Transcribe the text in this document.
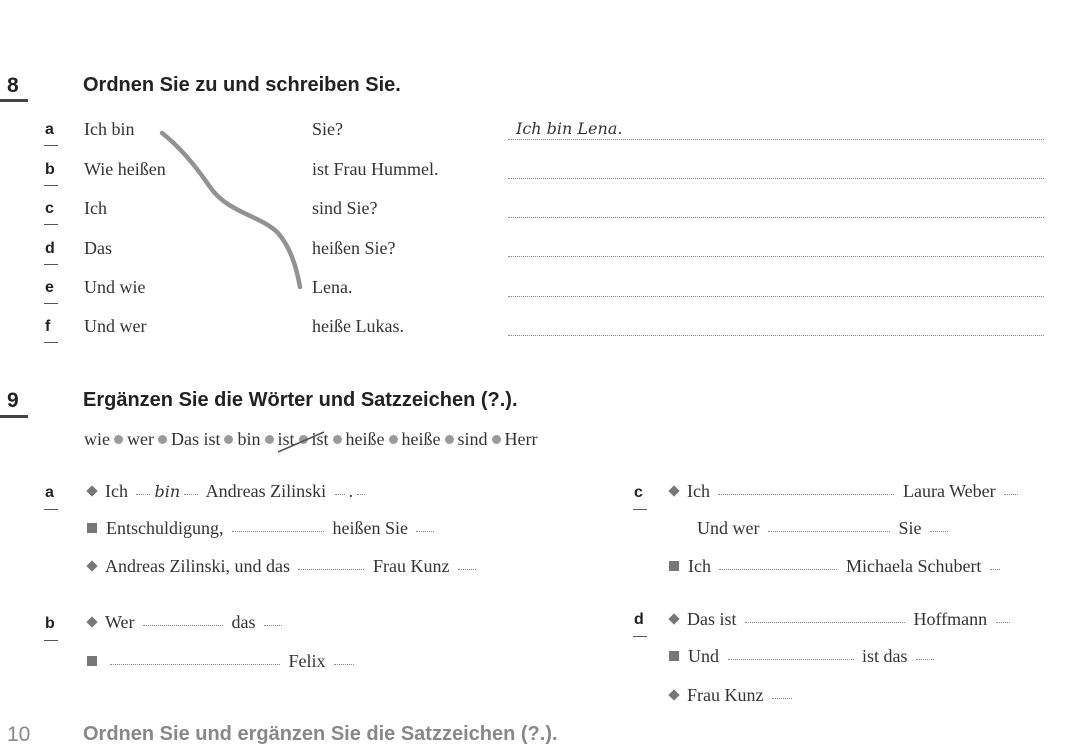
8	Ordnen Sie zu und schreiben Sie.
a Ich bin	Sie?	Ich bin Lena.
b Wie heißen	ist Frau Hummel.
c Ich	sind Sie?
d Das	heißen Sie?
e Und wie	Lena.
f Und wer	heiße Lukas.
9	Ergänzen Sie die Wörter und Satzzeichen (?.).
wie wer Das ist bin ist ist heiße heiße sind Herr
a	Ich bin Andreas Zilinski .
Entschuldigung,	heißen Sie
Andreas Zilinski, und das	Frau Kunz
b	Wer	das
Felix
c	Ich	Laura Weber
Und wer	Sie
Ich	Michaela Schubert
d	Das ist	Hoffmann
Und	ist das
Frau Kunz
10	Ordnen Sie und ergänzen Sie die Satzzeichen (?.).
